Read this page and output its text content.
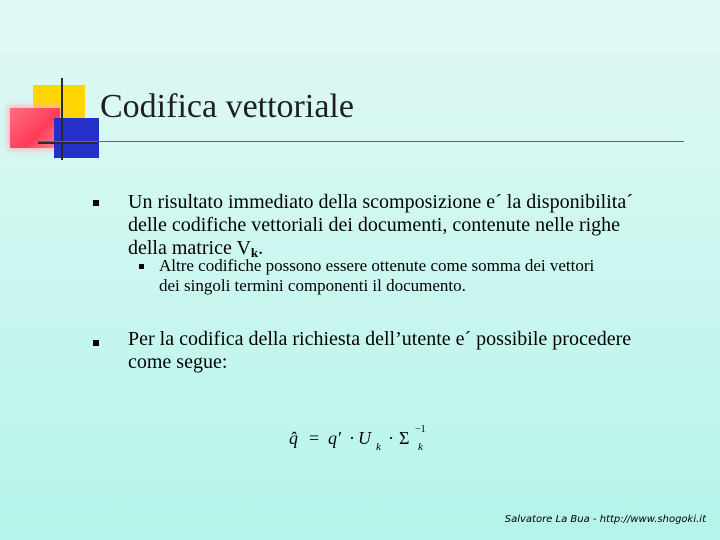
Codifica vettoriale
Un risultato immediato della scomposizione e´ la disponibilita´
delle codifiche vettoriali dei documenti, contenute nelle righe
della matrice $V_k$.
Altre codifiche possono essere ottenute come somma dei vettori
dei singoli termini componenti il documento.
Per la codifica della richiesta dell’utente e´ possibile procedere
come segue:
q̂ = q′ · U k · Σ −1
k
Salvatore La Bua - http://www.shogoki.it
